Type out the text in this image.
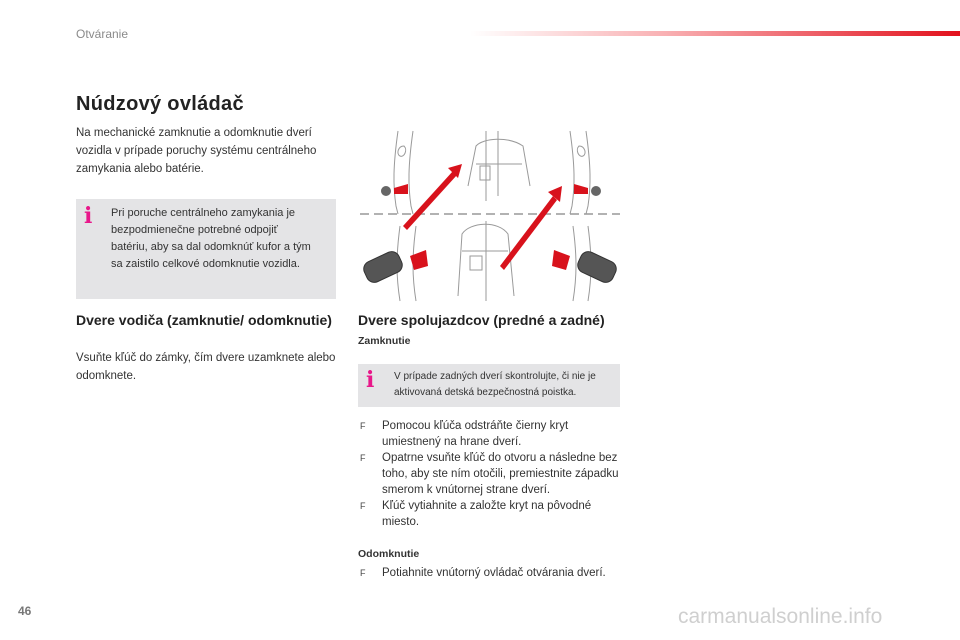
Otváranie
Núdzový ovládač
Na mechanické zamknutie a odomknutie dverí vozidla v prípade poruchy systému centrálneho zamykania alebo batérie.
i Pri poruche centrálneho zamykania je bezpodmienečne potrebné odpojiť batériu, aby sa dal odomknúť kufor a tým sa zaistilo celkové odomknutie vozidla.
Dvere vodiča (zamknutie/ odomknutie)
Vsuňte kľúč do zámky, čím dvere uzamknete alebo odomknete.
Dvere spolujazdcov (predné a zadné)
Zamknutie
i V prípade zadných dverí skontrolujte, či nie je aktivovaná detská bezpečnostná poistka.
F Pomocou kľúča odstráňte čierny kryt umiestnený na hrane dverí.
F Opatrne vsuňte kľúč do otvoru a následne bez toho, aby ste ním otočili, premiestnite západku smerom k vnútornej strane dverí.
F Kľúč vytiahnite a založte kryt na pôvodné miesto.
Odomknutie
F Potiahnite vnútorný ovládač otvárania dverí.
46	carmanualsonline.info
